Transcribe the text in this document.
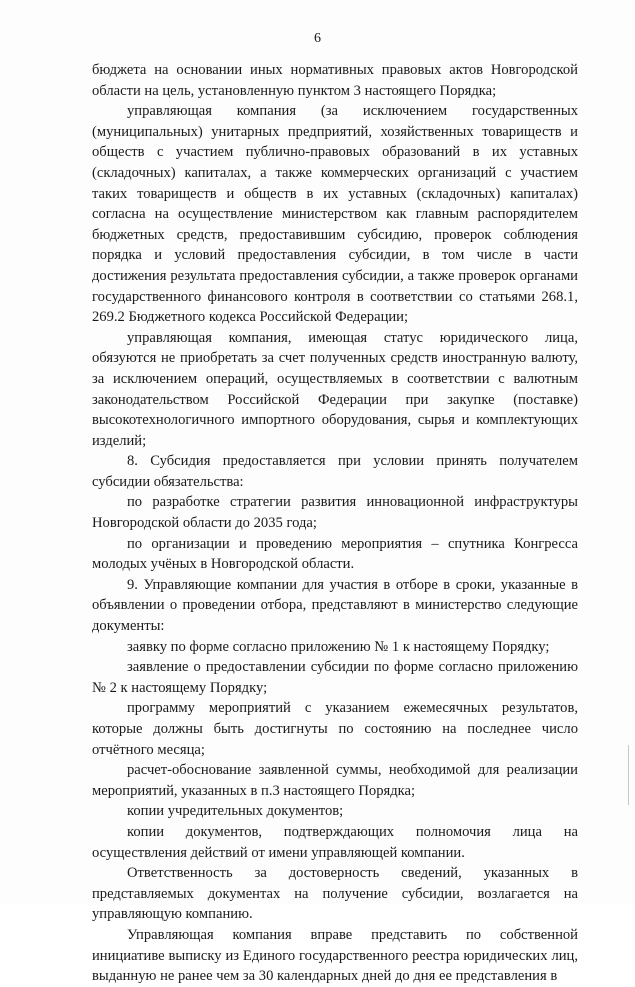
6

бюджета на основании иных нормативных правовых актов Новгородской области на цель, установленную пунктом 3 настоящего Порядка;

управляющая компания (за исключением государственных (муниципальных) унитарных предприятий, хозяйственных товариществ и обществ с участием публично-правовых образований в их уставных (складочных) капиталах, а также коммерческих организаций с участием таких товариществ и обществ в их уставных (складочных) капиталах) согласна на осуществление министерством как главным распорядителем бюджетных средств, предоставившим субсидию, проверок соблюдения порядка и условий предоставления субсидии, в том числе в части достижения результата предоставления субсидии, а также проверок органами государственного финансового контроля в соответствии со статьями 268.1, 269.2 Бюджетного кодекса Российской Федерации;

управляющая компания, имеющая статус юридического лица, обязуются не приобретать за счет полученных средств иностранную валюту, за исключением операций, осуществляемых в соответствии с валютным законодательством Российской Федерации при закупке (поставке) высокотехнологичного импортного оборудования, сырья и комплектующих изделий;

8. Субсидия предоставляется при условии принять получателем субсидии обязательства:

по разработке стратегии развития инновационной инфраструктуры Новгородской области до 2035 года;

по организации и проведению мероприятия – спутника Конгресса молодых учёных в Новгородской области.

9. Управляющие компании для участия в отборе в сроки, указанные в объявлении о проведении отбора, представляют в министерство следующие документы:

заявку по форме согласно приложению № 1 к настоящему Порядку;

заявление о предоставлении субсидии по форме согласно приложению № 2 к настоящему Порядку;

программу мероприятий с указанием ежемесячных результатов, которые должны быть достигнуты по состоянию на последнее число отчётного месяца;

расчет-обоснование заявленной суммы, необходимой для реализации мероприятий, указанных в п.3 настоящего Порядка;

копии учредительных документов;

копии документов, подтверждающих полномочия лица на осуществления действий от имени управляющей компании.

Ответственность за достоверность сведений, указанных в представляемых документах на получение субсидии, возлагается на управляющую компанию.

Управляющая компания вправе представить по собственной инициативе выписку из Единого государственного реестра юридических лиц, выданную не ранее чем за 30 календарных дней до дня ее представления в
